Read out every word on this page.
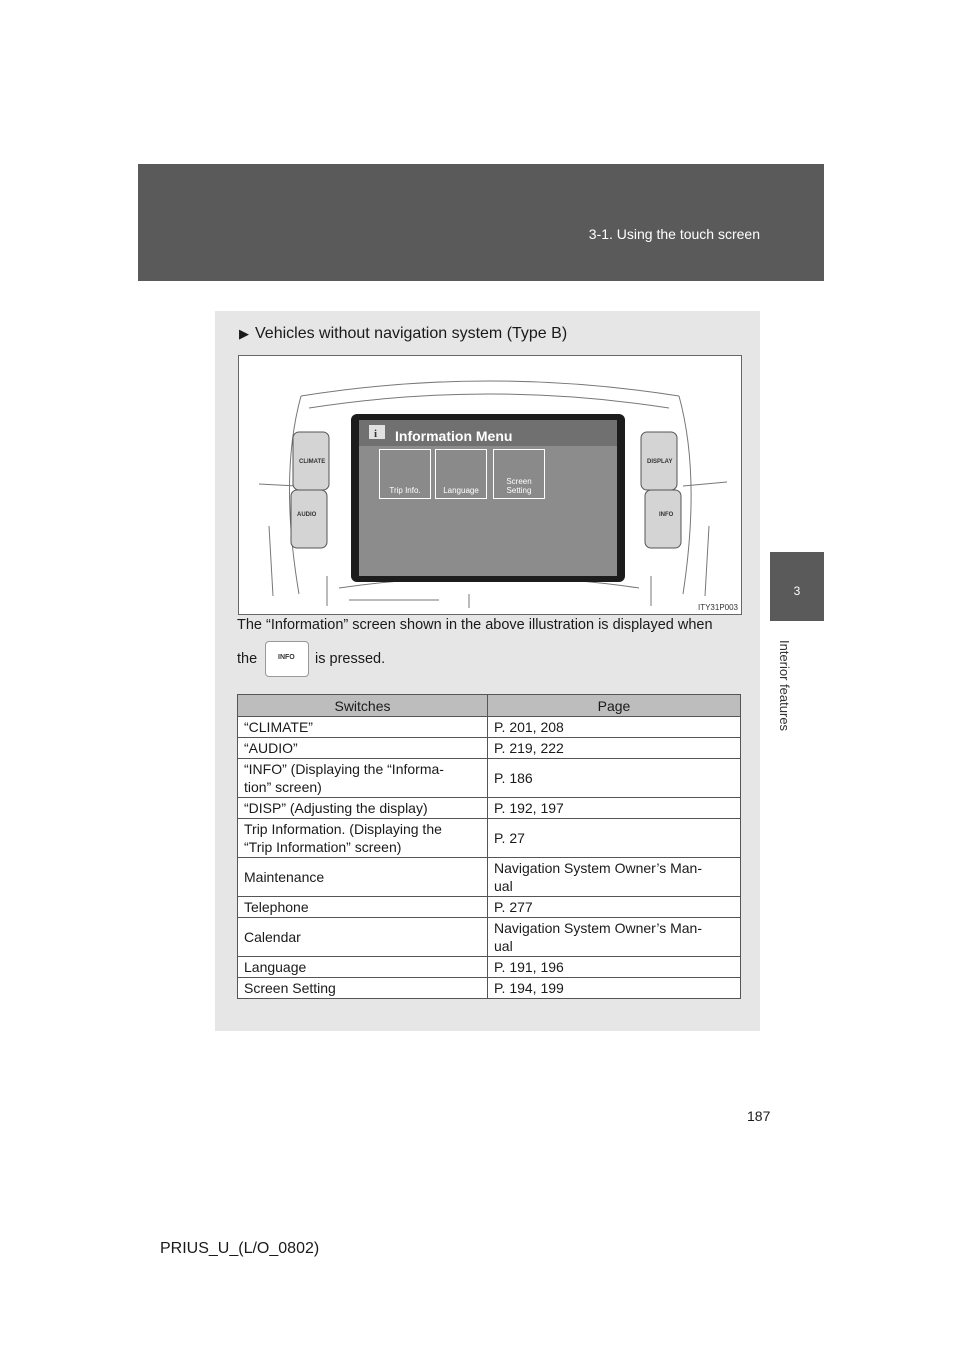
3-1. Using the touch screen
3
Interior features
▶ Vehicles without navigation system (Type B)
i Information Menu
Trip Info.	Language
Screen Setting
CLIMATE
AUDIO
DISPLAY
INFO
ITY31P003
The “Information” screen shown in the above illustration is displayed when
the	is pressed.
INFO
Switches	Page
“CLIMATE”	P. 201, 208
“AUDIO”	P. 219, 222
“INFO” (Displaying the “Informa-
tion” screen)	P. 186
“DISP” (Adjusting the display)	P. 192, 197
Trip Information. (Displaying the
“Trip Information” screen)	P. 27
Maintenance	Navigation System Owner’s Man-
ual
Telephone	P. 277
Calendar	Navigation System Owner’s Man-
ual
Language	P. 191, 196
Screen Setting	P. 194, 199
187
PRIUS_U_(L/O_0802)
